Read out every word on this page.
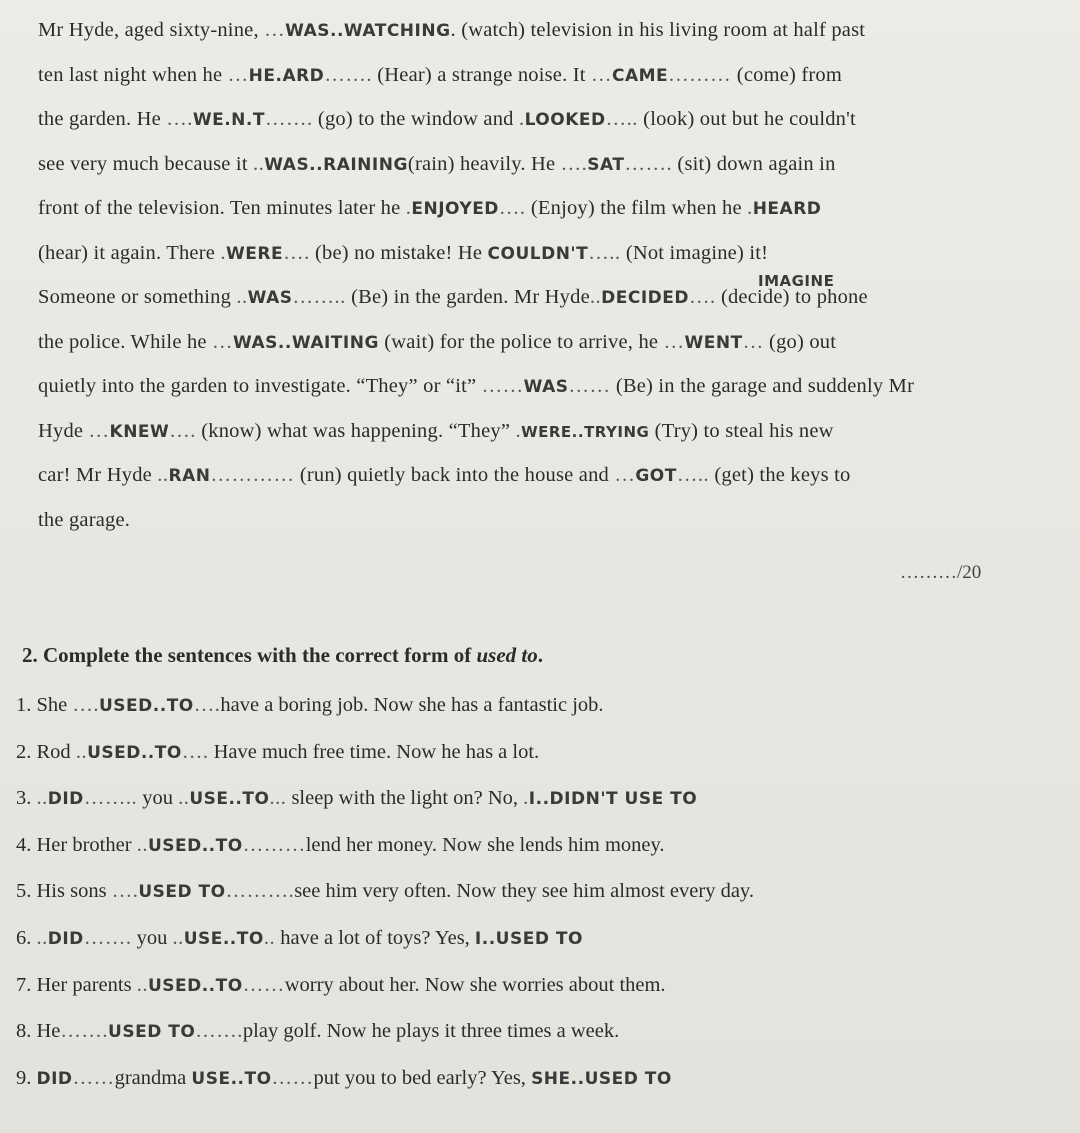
Mr Hyde, aged sixty-nine, …WAS..WATCHING. (watch) television in his living room at half past
ten last night when he …HE.ARD……. (Hear) a strange noise. It …CAME……… (come) from
the garden. He ….WE.N.T……. (go) to the window and .LOOKED….. (look) out but he couldn't
see very much because it ..WAS..RAINING(rain) heavily. He ….SAT……. (sit) down again in
front of the television. Ten minutes later he .ENJOYED…. (Enjoy) the film when he .HEARD
(hear) it again. There .WERE…. (be) no mistake! He COULDN'T….. (Not imagine) it!
Someone or something ..WAS…….. (Be) in the garden. Mr Hyde..DECIDED…. (decide) to phone
the police. While he …WAS..WAITING (wait) for the police to arrive, he …WENT… (go) out
quietly into the garden to investigate. “They” or “it” ……WAS…… (Be) in the garage and suddenly Mr
Hyde …KNEW…. (know) what was happening. “They” .WERE..TRYING (Try) to steal his new
car! Mr Hyde ..RAN………… (run) quietly back into the house and …GOT….. (get) the keys to
the garage.
IMAGINE
………/20
2. Complete the sentences with the correct form of used to.
1. She ….USED..TO….have a boring job. Now she has a fantastic job.
2. Rod ..USED..TO…. Have much free time. Now he has a lot.
3. ..DID…….. you ..USE..TO... sleep with the light on? No, .I..DIDN'T USE TO
4. Her brother ..USED..TO………lend her money. Now she lends him money.
5. His sons ….USED TO……….see him very often. Now they see him almost every day.
6. ..DID……. you ..USE..TO.. have a lot of toys? Yes, I..USED TO
7. Her parents ..USED..TO……worry about her. Now she worries about them.
8. He…….USED TO…….play golf. Now he plays it three times a week.
9. DID……grandma USE..TO……put you to bed early? Yes, SHE..USED TO
